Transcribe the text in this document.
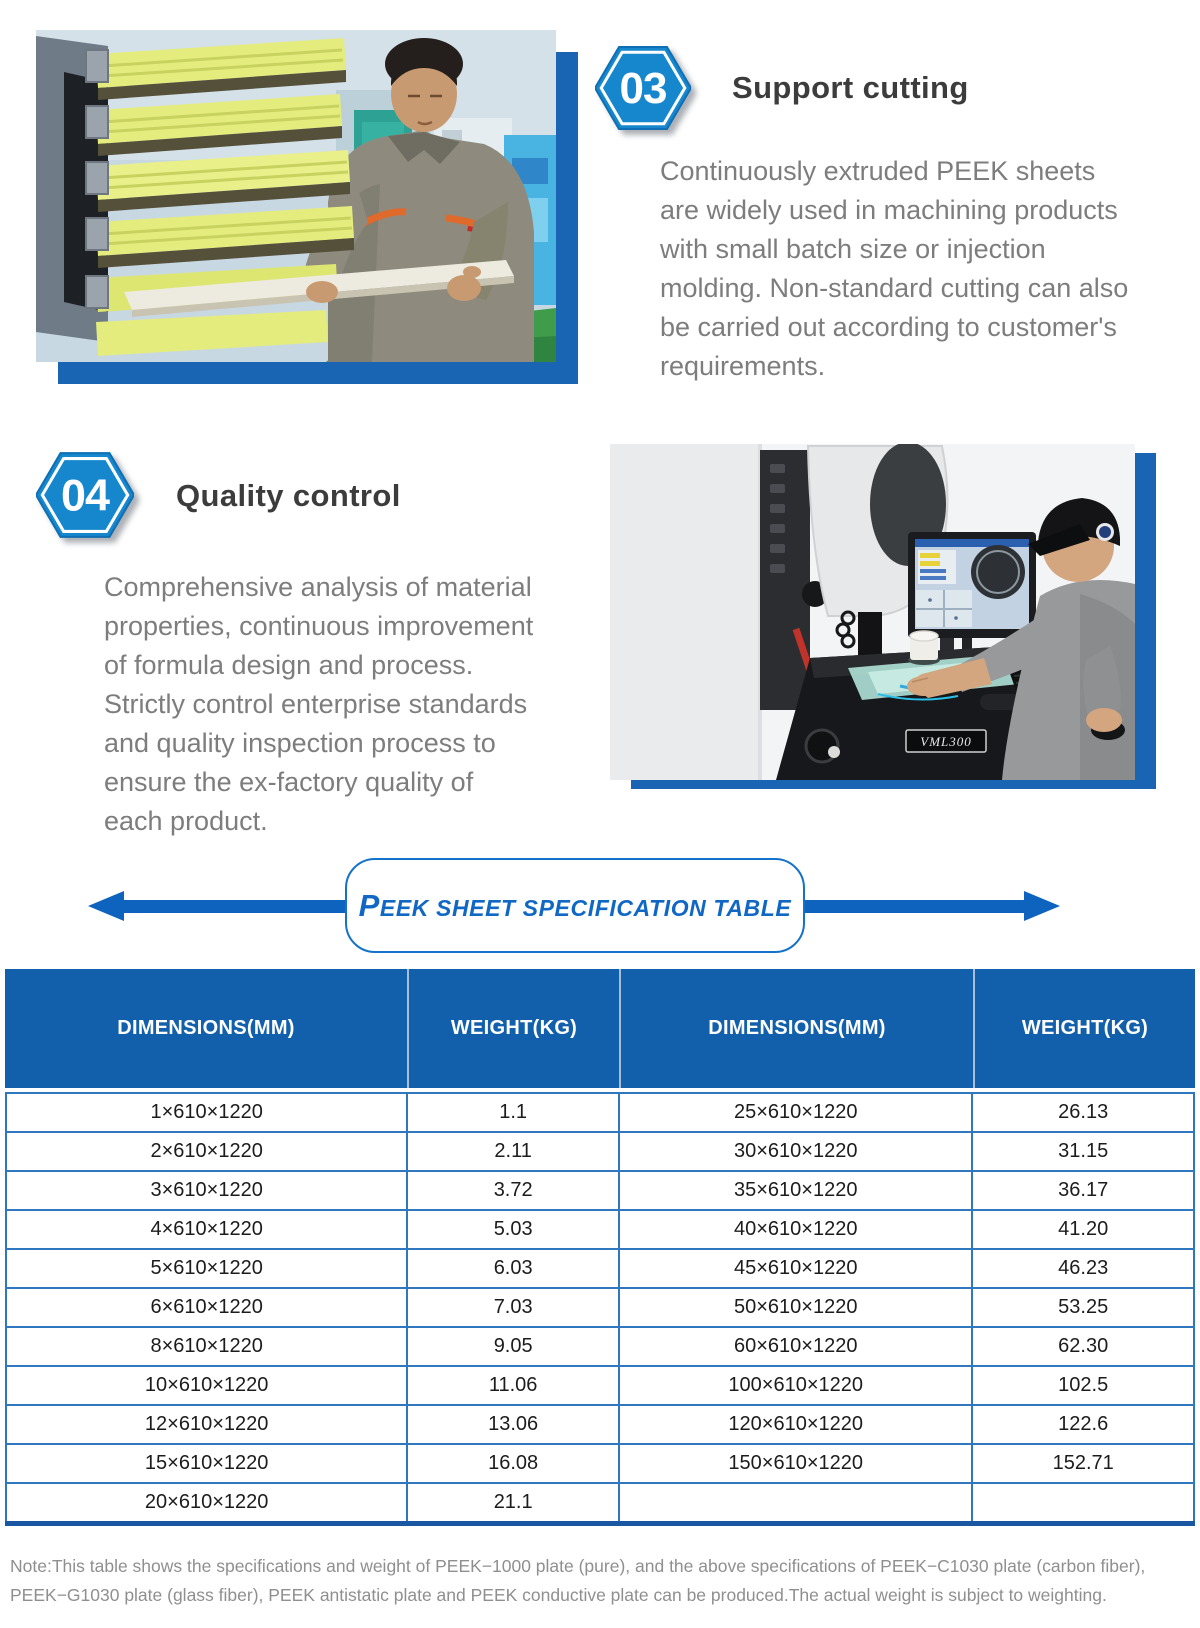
03 Support cutting
Continuously extruded PEEK sheets
are widely used in machining products
with small batch size or injection
molding. Non-standard cutting can also
be carried out according to customer's
requirements.
04 Quality control
Comprehensive analysis of material
properties, continuous improvement
of formula design and process.
Strictly control enterprise standards
and quality inspection process to
ensure the ex-factory quality of
each product.
VML300
PEEK SHEET SPECIFICATION TABLE
DIMENSIONS(MM)	WEIGHT(KG)	DIMENSIONS(MM)	WEIGHT(KG)
1×610×1220	1.1	25×610×1220	26.13
2×610×1220	2.11	30×610×1220	31.15
3×610×1220	3.72	35×610×1220	36.17
4×610×1220	5.03	40×610×1220	41.20
5×610×1220	6.03	45×610×1220	46.23
6×610×1220	7.03	50×610×1220	53.25
8×610×1220	9.05	60×610×1220	62.30
10×610×1220	11.06	100×610×1220	102.5
12×610×1220	13.06	120×610×1220	122.6
15×610×1220	16.08	150×610×1220	152.71
20×610×1220	21.1		
Note:This table shows the specifications and weight of PEEK−1000 plate (pure), and the above specifications of PEEK−C1030 plate (carbon fiber),
PEEK−G1030 plate (glass fiber), PEEK antistatic plate and PEEK conductive plate can be produced.The actual weight is subject to weighting.
